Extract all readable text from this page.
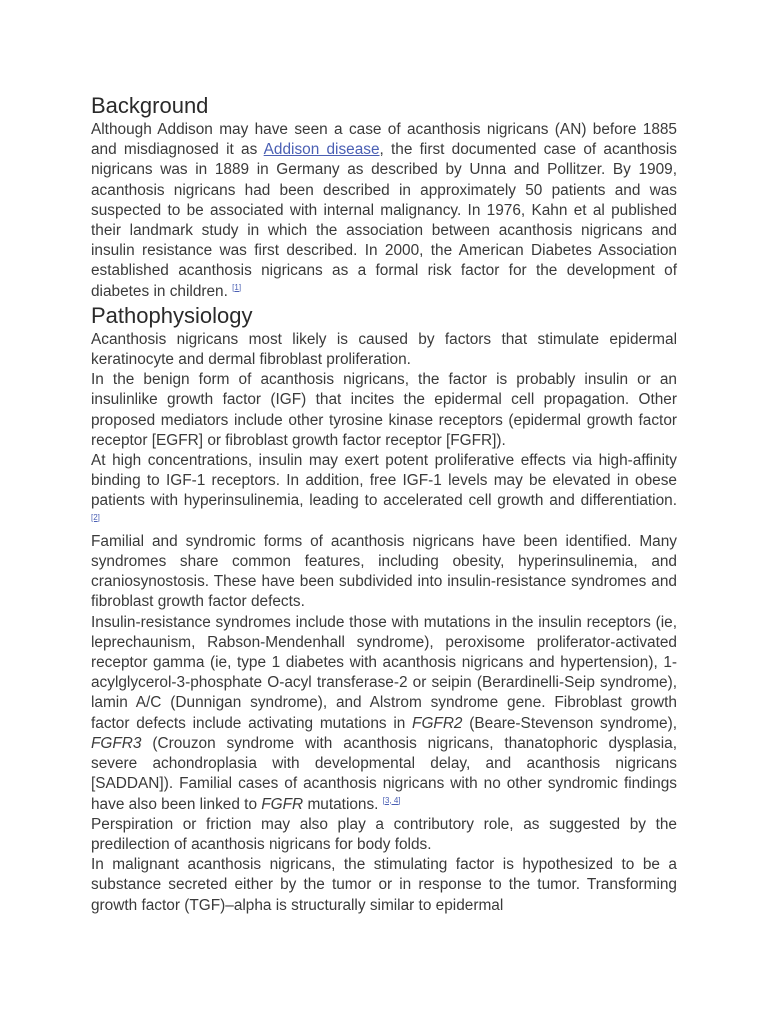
Background

Although Addison may have seen a case of acanthosis nigricans (AN) before 1885 and misdiagnosed it as Addison disease, the first documented case of acanthosis nigricans was in 1889 in Germany as described by Unna and Pollitzer. By 1909, acanthosis nigricans had been described in approximately 50 patients and was suspected to be associated with internal malignancy. In 1976, Kahn et al published their landmark study in which the association between acanthosis nigricans and insulin resistance was first described. In 2000, the American Diabetes Association established acanthosis nigricans as a formal risk factor for the development of diabetes in children. [1]

Pathophysiology

Acanthosis nigricans most likely is caused by factors that stimulate epidermal keratinocyte and dermal fibroblast proliferation.

In the benign form of acanthosis nigricans, the factor is probably insulin or an insulinlike growth factor (IGF) that incites the epidermal cell propagation. Other proposed mediators include other tyrosine kinase receptors (epidermal growth factor receptor [EGFR] or fibroblast growth factor receptor [FGFR]).

At high concentrations, insulin may exert potent proliferative effects via high-affinity binding to IGF-1 receptors. In addition, free IGF-1 levels may be elevated in obese patients with hyperinsulinemia, leading to accelerated cell growth and differentiation. [2]

Familial and syndromic forms of acanthosis nigricans have been identified. Many syndromes share common features, including obesity, hyperinsulinemia, and craniosynostosis. These have been subdivided into insulin-resistance syndromes and fibroblast growth factor defects.

Insulin-resistance syndromes include those with mutations in the insulin receptors (ie, leprechaunism, Rabson-Mendenhall syndrome), peroxisome proliferator-activated receptor gamma (ie, type 1 diabetes with acanthosis nigricans and hypertension), 1-acylglycerol-3-phosphate O-acyl transferase-2 or seipin (Berardinelli-Seip syndrome), lamin A/C (Dunnigan syndrome), and Alstrom syndrome gene. Fibroblast growth factor defects include activating mutations in FGFR2 (Beare-Stevenson syndrome), FGFR3 (Crouzon syndrome with acanthosis nigricans, thanatophoric dysplasia, severe achondroplasia with developmental delay, and acanthosis nigricans [SADDAN]). Familial cases of acanthosis nigricans with no other syndromic findings have also been linked to FGFR mutations. [3, 4]

Perspiration or friction may also play a contributory role, as suggested by the predilection of acanthosis nigricans for body folds.

In malignant acanthosis nigricans, the stimulating factor is hypothesized to be a substance secreted either by the tumor or in response to the tumor. Transforming growth factor (TGF)–alpha is structurally similar to epidermal
